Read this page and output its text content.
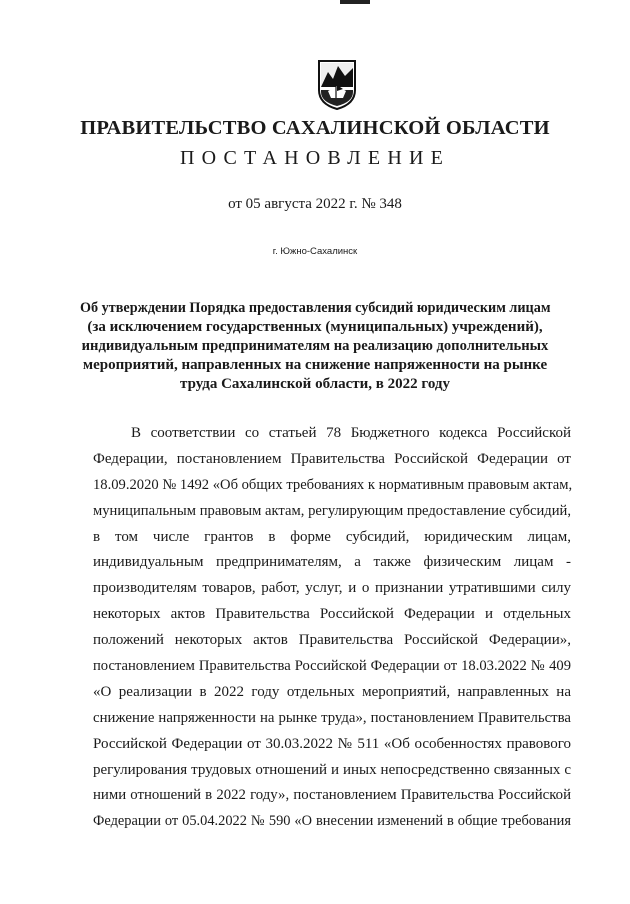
ПРАВИТЕЛЬСТВО САХАЛИНСКОЙ ОБЛАСТИ
ПОСТАНОВЛЕНИЕ
от 05 августа 2022 г. № 348
г. Южно-Сахалинск
Об утверждении Порядка предоставления субсидий юридическим лицам
(за исключением государственных (муниципальных) учреждений),
индивидуальным предпринимателям на реализацию дополнительных
мероприятий, направленных на снижение напряженности на рынке
труда Сахалинской области, в 2022 году
В соответствии со статьей 78 Бюджетного кодекса Российской
Федерации, постановлением Правительства Российской Федерации от
18.09.2020 № 1492 «Об общих требованиях к нормативным правовым актам,
муниципальным правовым актам, регулирующим предоставление субсидий,
в том числе грантов в форме субсидий, юридическим лицам,
индивидуальным предпринимателям, а также физическим лицам -
производителям товаров, работ, услуг, и о признании утратившими силу
некоторых актов Правительства Российской Федерации и отдельных
положений некоторых актов Правительства Российской Федерации»,
постановлением Правительства Российской Федерации от 18.03.2022 № 409
«О реализации в 2022 году отдельных мероприятий, направленных на
снижение напряженности на рынке труда», постановлением Правительства
Российской Федерации от 30.03.2022 № 511 «Об особенностях правового
регулирования трудовых отношений и иных непосредственно связанных с
ними отношений в 2022 году», постановлением Правительства Российской
Федерации от 05.04.2022 № 590 «О внесении изменений в общие требования
